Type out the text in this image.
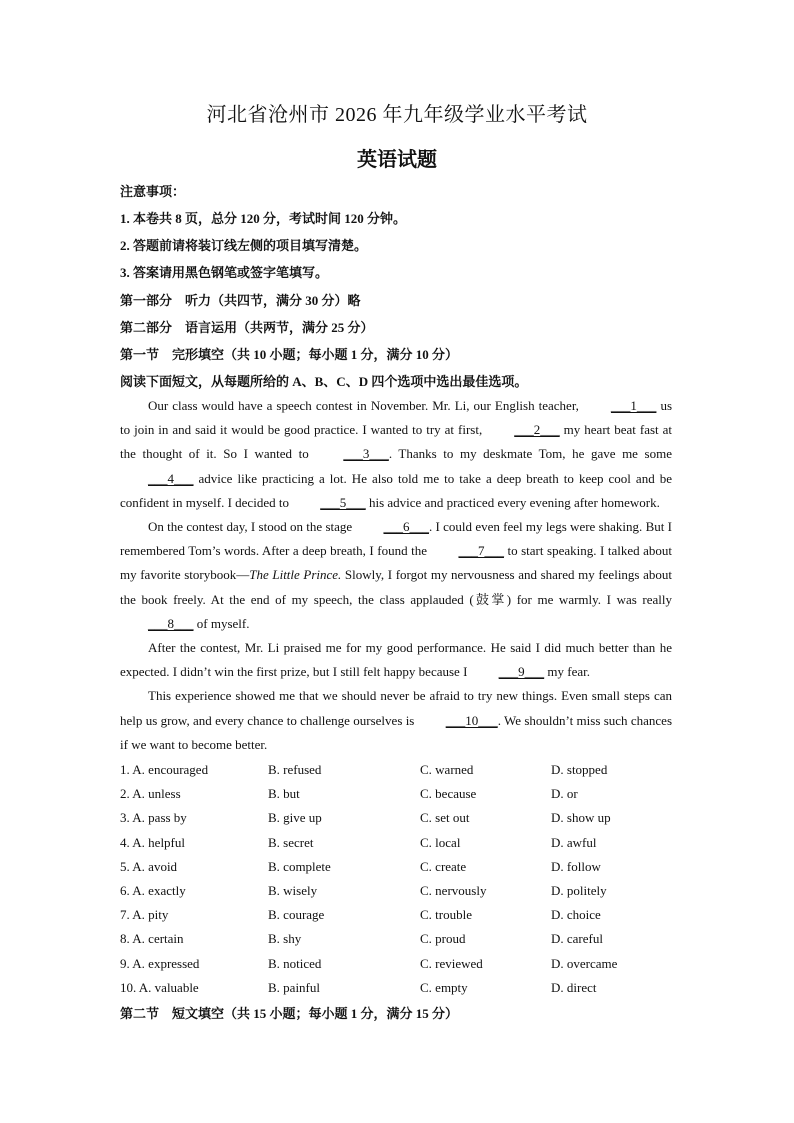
河北省沧州市 2026 年九年级学业水平考试
英语试题
注意事项：
1. 本卷共 8 页，总分 120 分，考试时间 120 分钟。
2. 答题前请将装订线左侧的项目填写清楚。
3. 答案请用黑色钢笔或签字笔填写。
第一部分　听力（共四节，满分 30 分）略
第二部分　语言运用（共两节，满分 25 分）
第一节　完形填空（共 10 小题；每小题 1 分，满分 10 分）
阅读下面短文，从每题所给的 A、B、C、D 四个选项中选出最佳选项。

Our class would have a speech contest in November. Mr. Li, our English teacher, ___1___ us to join in and said it would be good practice. I wanted to try at first, ___2___ my heart beat fast at the thought of it. So I wanted to ___3___. Thanks to my deskmate Tom, he gave me some ___4___ advice like practicing a lot. He also told me to take a deep breath to keep cool and be confident in myself. I decided to ___5___ his advice and practiced every evening after homework.

On the contest day, I stood on the stage ___6___. I could even feel my legs were shaking. But I remembered Tom’s words. After a deep breath, I found the ___7___ to start speaking. I talked about my favorite storybook—The Little Prince. Slowly, I forgot my nervousness and shared my feelings about the book freely. At the end of my speech, the class applauded (鼓掌) for me warmly. I was really ___8___ of myself.

After the contest, Mr. Li praised me for my good performance. He said I did much better than he expected. I didn’t win the first prize, but I still felt happy because I ___9___ my fear.

This experience showed me that we should never be afraid to try new things. Even small steps can help us grow, and every chance to challenge ourselves is ___10___. We shouldn’t miss such chances if we want to become better.

1. A. encouraged	B. refused	C. warned	D. stopped
2. A. unless	B. but	C. because	D. or
3. A. pass by	B. give up	C. set out	D. show up
4. A. helpful	B. secret	C. local	D. awful
5. A. avoid	B. complete	C. create	D. follow
6. A. exactly	B. wisely	C. nervously	D. politely
7. A. pity	B. courage	C. trouble	D. choice
8. A. certain	B. shy	C. proud	D. careful
9. A. expressed	B. noticed	C. reviewed	D. overcame
10. A. valuable	B. painful	C. empty	D. direct
第二节　短文填空（共 15 小题；每小题 1 分，满分 15 分）
